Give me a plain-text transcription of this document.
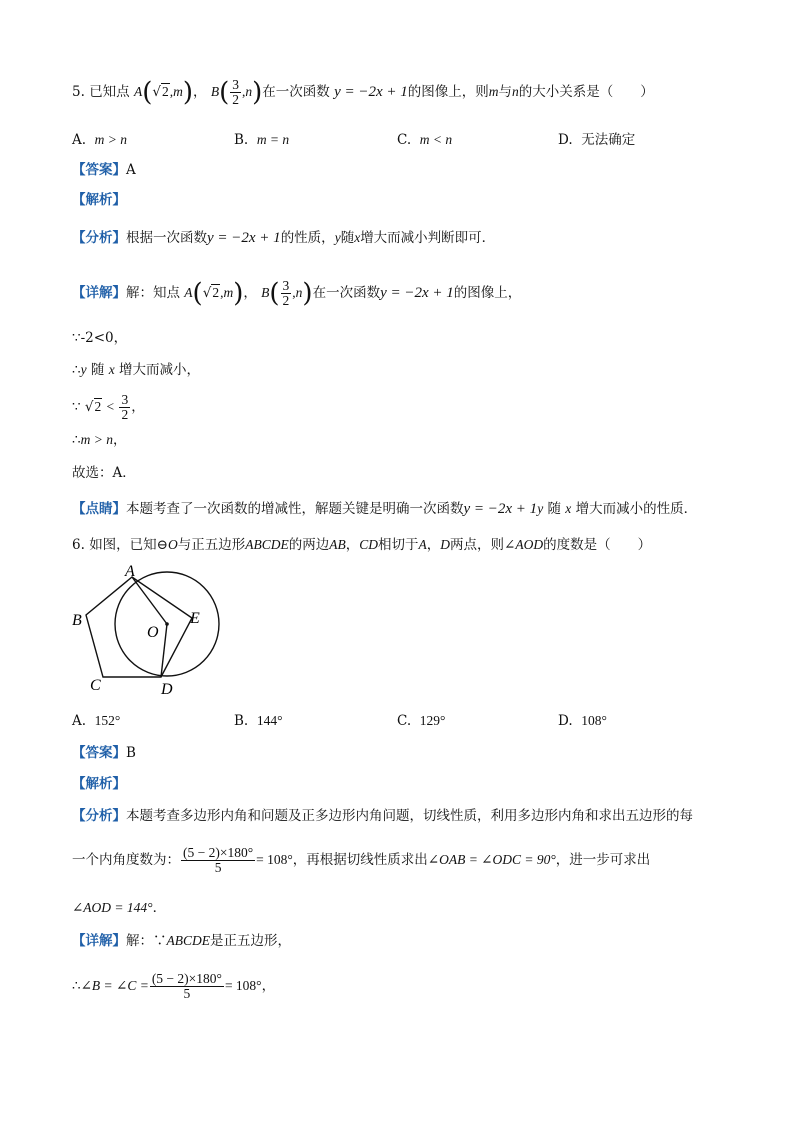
5. 已知点 A(√2,m)， $B( \frac{3}{2} ,n)$在一次函数 y = −2x + 1的图像上，则m与n的大小关系是（　　）
A. m > n	B. m = n	C. m < n	D. 无法确定
【答案】A
【解析】
【分析】根据一次函数y = −2x + 1的性质，y随x增大而减小判断即可．
【详解】解：知点 A(√2,m)， $B( \frac{3}{2} ,n)$在一次函数y = −2x + 1的图像上，
∵-2<0，
∴y 随 x 增大而减小，
∵ $√2 < \frac{3}{2}$ ，
∴m > n，
故选：A．
【点睛】本题考查了一次函数的增减性，解题关键是明确一次函数y = −2x + 1y 随 x 增大而减小的性质．
6. 如图，已知⊖O与正五边形ABCDE的两边AB，CD相切于A，D两点，则∠AOD的度数是（　　）
A
B
C	D
E
O
A. 152°	B. 144°	C. 129°	D. 108°
【答案】B
【解析】
【分析】本题考查多边形内角和问题及正多边形内角问题，切线性质，利用多边形内角和求出五边形的每
一个内角度数为： $\frac{(5 - 2)\times 180^\circ}{5} = 108^\circ$，再根据切线性质求出∠OAB = ∠ODC = 90°，进一步可求出
∠AOD = 144°．
【详解】解：∵ABCDE是正五边形，
∴∠B = ∠C = $\frac{(5 - 2)\times 180^\circ}{5} = 108^\circ$，
